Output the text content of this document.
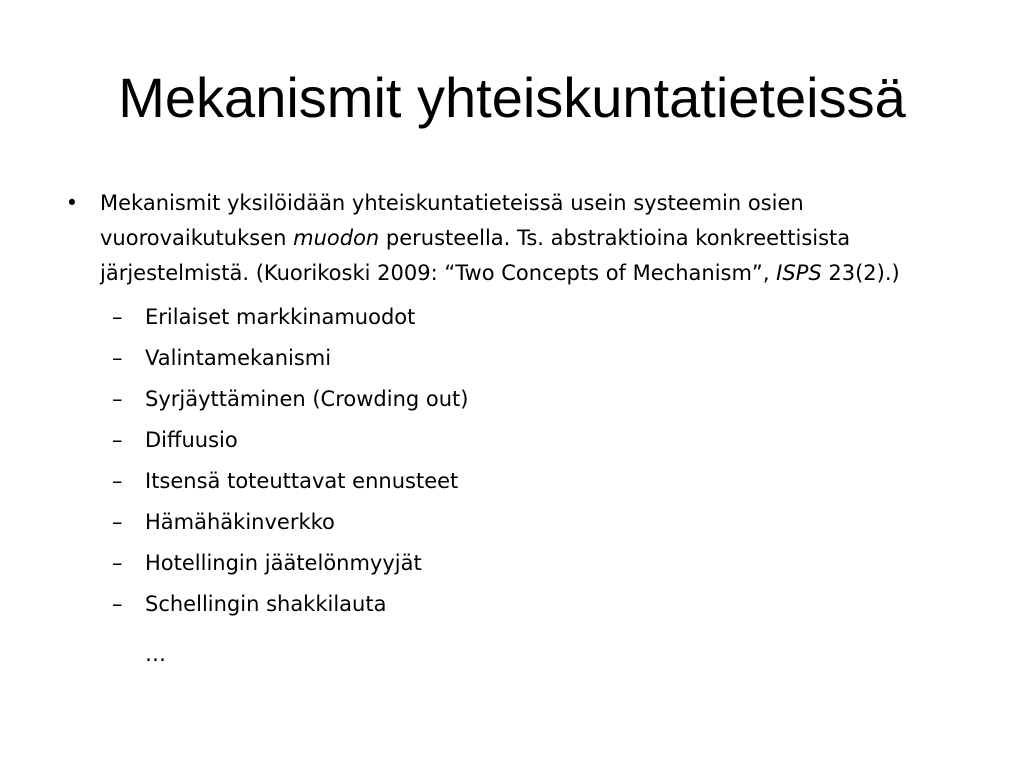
Mekanismit yhteiskuntatieteissä
• Mekanismit yksilöidään yhteiskuntatieteissä usein systeemin osien vuorovaikutuksen muodon perusteella. Ts. abstraktioina konkreettisista järjestelmistä. (Kuorikoski 2009: “Two Concepts of Mechanism”, ISPS 23(2).)
– Erilaiset markkinamuodot
– Valintamekanismi
– Syrjäyttäminen (Crowding out)
– Diffuusio
– Itsensä toteuttavat ennusteet
– Hämähäkinverkko
– Hotellingin jäätelönmyyjät
– Schellingin shakkilauta
…
